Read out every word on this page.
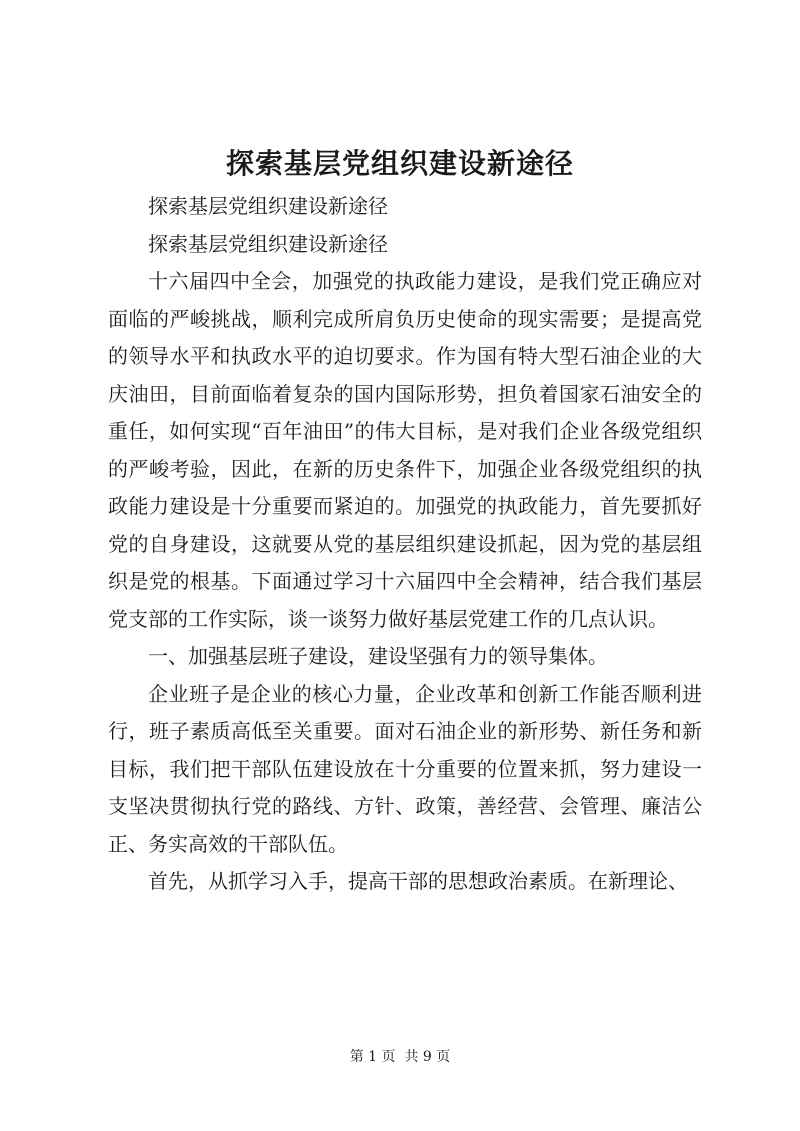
探索基层党组织建设新途径

探索基层党组织建设新途径

探索基层党组织建设新途径

十六届四中全会，加强党的执政能力建设，是我们党正确应对面临的严峻挑战，顺利完成所肩负历史使命的现实需要；是提高党的领导水平和执政水平的迫切要求。作为国有特大型石油企业的大庆油田，目前面临着复杂的国内国际形势，担负着国家石油安全的重任，如何实现“百年油田”的伟大目标，是对我们企业各级党组织的严峻考验，因此，在新的历史条件下，加强企业各级党组织的执政能力建设是十分重要而紧迫的。加强党的执政能力，首先要抓好党的自身建设，这就要从党的基层组织建设抓起，因为党的基层组织是党的根基。下面通过学习十六届四中全会精神，结合我们基层党支部的工作实际，谈一谈努力做好基层党建工作的几点认识。

一、加强基层班子建设，建设坚强有力的领导集体。

企业班子是企业的核心力量，企业改革和创新工作能否顺利进行，班子素质高低至关重要。面对石油企业的新形势、新任务和新目标，我们把干部队伍建设放在十分重要的位置来抓，努力建设一支坚决贯彻执行党的路线、方针、政策，善经营、会管理、廉洁公正、务实高效的干部队伍。

首先，从抓学习入手，提高干部的思想政治素质。在新理论、

第 1 页  共 9 页
